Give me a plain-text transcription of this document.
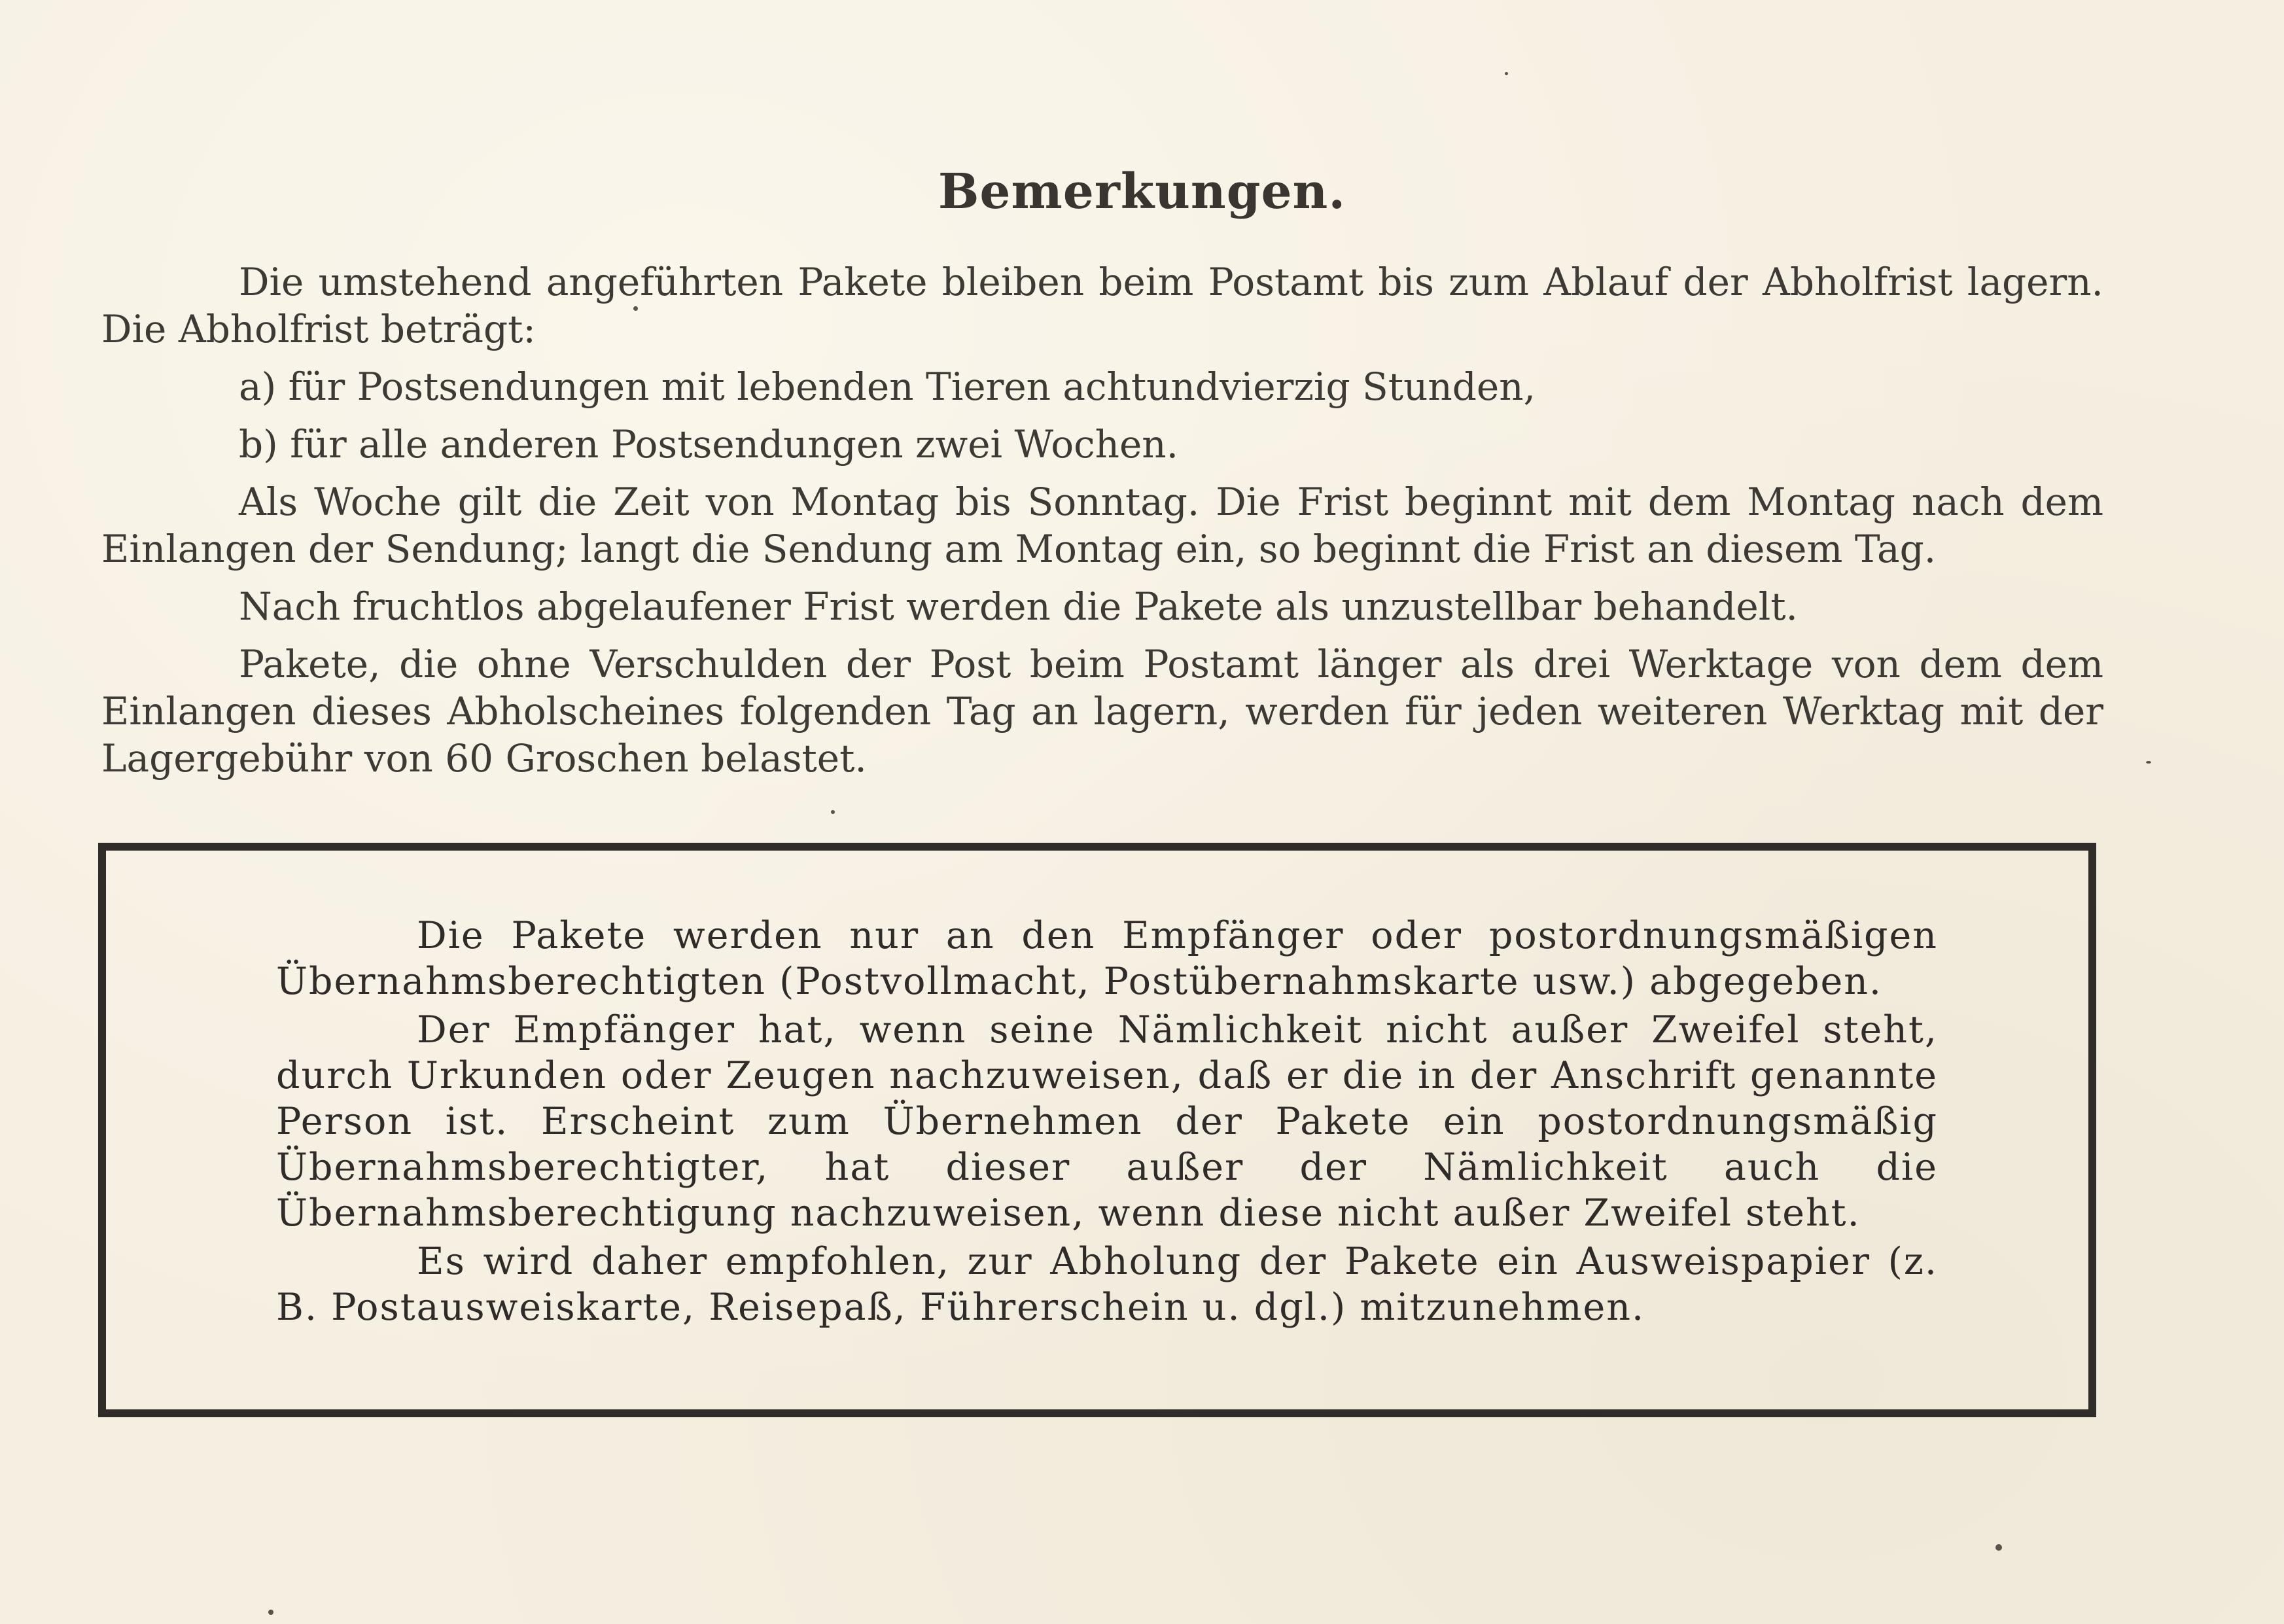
Bemerkungen.

Die umstehend angeführten Pakete bleiben beim Postamt bis zum Ablauf der Abholfrist lagern. Die Abholfrist beträgt:

a) für Postsendungen mit lebenden Tieren achtundvierzig Stunden,

b) für alle anderen Postsendungen zwei Wochen.

Als Woche gilt die Zeit von Montag bis Sonntag. Die Frist beginnt mit dem Montag nach dem Einlangen der Sendung; langt die Sendung am Montag ein, so beginnt die Frist an diesem Tag.

Nach fruchtlos abgelaufener Frist werden die Pakete als unzustellbar behandelt.

Pakete, die ohne Verschulden der Post beim Postamt länger als drei Werktage von dem dem Einlangen dieses Abholscheines folgenden Tag an lagern, werden für jeden weiteren Werktag mit der Lagergebühr von 60 Groschen belastet.

Die Pakete werden nur an den Empfänger oder postordnungsmäßigen Übernahmsberechtigten (Postvollmacht, Postübernahmskarte usw.) abgegeben.

Der Empfänger hat, wenn seine Nämlichkeit nicht außer Zweifel steht, durch Urkunden oder Zeugen nachzuweisen, daß er die in der Anschrift genannte Person ist. Erscheint zum Übernehmen der Pakete ein postordnungsmäßig Übernahmsberechtigter, hat dieser außer der Nämlichkeit auch die Übernahmsberechtigung nachzuweisen, wenn diese nicht außer Zweifel steht.

Es wird daher empfohlen, zur Abholung der Pakete ein Ausweispapier (z. B. Postausweiskarte, Reisepaß, Führerschein u. dgl.) mitzunehmen.
